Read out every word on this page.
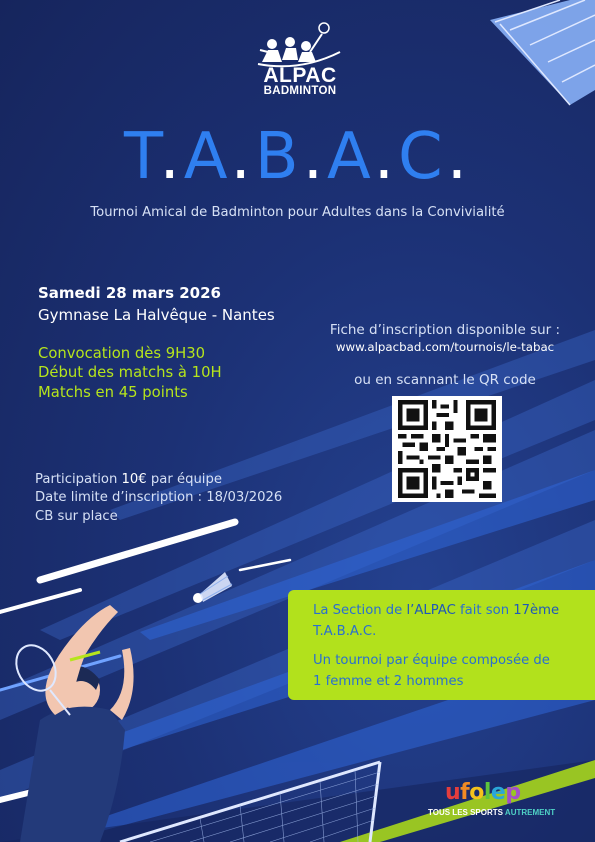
ALPAC
BADMINTON
T.A.B.A.C.
Tournoi Amical de Badminton pour Adultes dans la Convivialité
Samedi 28 mars 2026
Gymnase La Halvêque - Nantes
Convocation dès 9H30
Début des matchs à 10H
Matchs en 45 points
Fiche d’inscription disponible sur :
www.alpacbad.com/tournois/le-tabac
ou en scannant le QR code
Participation 10€ par équipe
Date limite d’inscription : 18/03/2026
CB sur place
La Section de l’ALPAC fait son 17ème
T.A.B.A.C.
Un tournoi par équipe composée de
1 femme et 2 hommes
ufolep
TOUS LES SPORTS AUTREMENT
